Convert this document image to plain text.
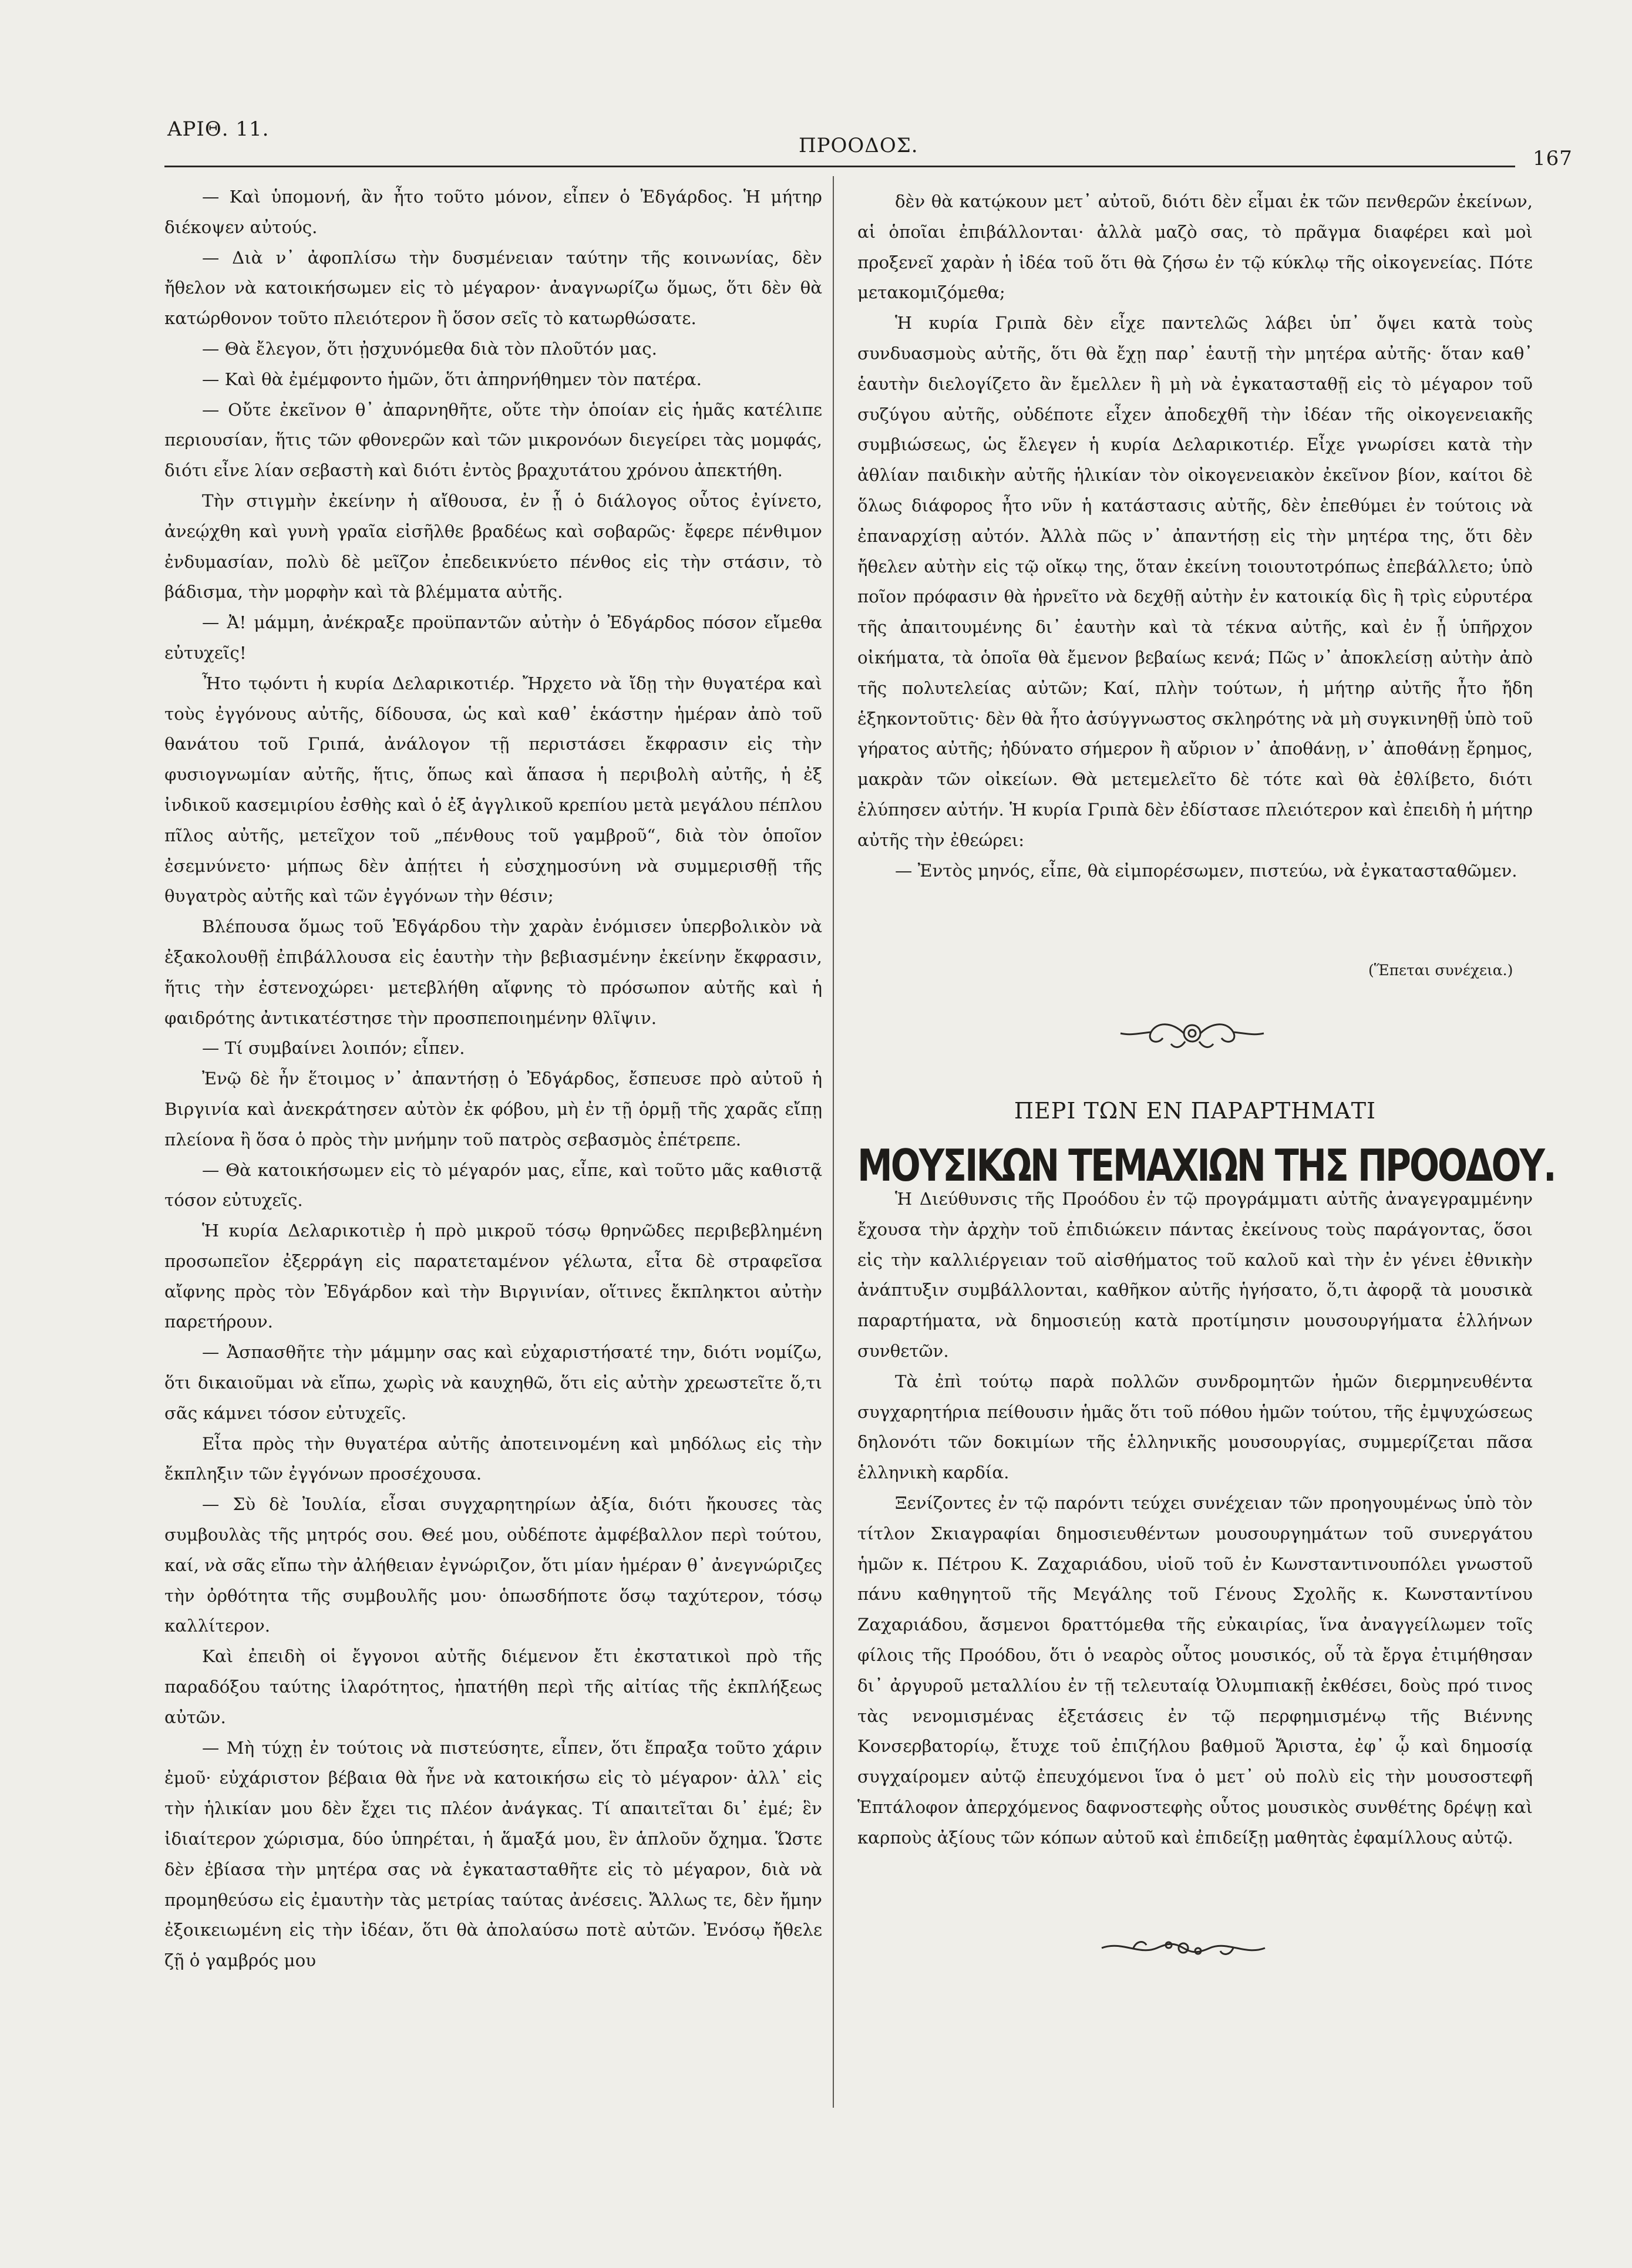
ΑΡΙΘ. 11.
ΠΡΟΟΔΟΣ.
167

— Καὶ ὑπομονή, ἂν ἦτο τοῦτο μόνον, εἶπεν ὁ Ἐδγάρδος. Ἡ μήτηρ διέκοψεν αὐτούς.

— Διὰ ν᾿ ἀφοπλίσω τὴν δυσμένειαν ταύτην τῆς κοινωνίας, δὲν ἤθελον νὰ κατοικήσωμεν εἰς τὸ μέγαρον· ἀναγνωρίζω ὅμως, ὅτι δὲν θὰ κατώρθονον τοῦτο πλειότερον ἢ ὅσον σεῖς τὸ κατωρθώσατε.

— Θὰ ἔλεγον, ὅτι ᾐσχυνόμεθα διὰ τὸν πλοῦτόν μας.

— Καὶ θὰ ἐμέμφοντο ἡμῶν, ὅτι ἀπηρνήθημεν τὸν πατέρα.

— Οὔτε ἐκεῖνον θ᾿ ἀπαρνηθῆτε, οὔτε τὴν ὁποίαν εἰς ἡμᾶς κατέλιπε περιουσίαν, ἥτις τῶν φθονερῶν καὶ τῶν μικρονόων διεγείρει τὰς μομφάς, διότι εἶνε λίαν σεβαστὴ καὶ διότι ἐντὸς βραχυτάτου χρόνου ἀπεκτήθη.

Τὴν στιγμὴν ἐκείνην ἡ αἴθουσα, ἐν ᾗ ὁ διάλογος οὗτος ἐγίνετο, ἀνεῴχθη καὶ γυνὴ γραῖα εἰσῆλθε βραδέως καὶ σοβαρῶς· ἔφερε πένθιμον ἐνδυμασίαν, πολὺ δὲ μεῖζον ἐπεδεικνύετο πένθος εἰς τὴν στάσιν, τὸ βάδισμα, τὴν μορφὴν καὶ τὰ βλέμματα αὐτῆς.

— Ἀ! μάμμη, ἀνέκραξε προϋπαντῶν αὐτὴν ὁ Ἐδγάρδος πόσον εἴμεθα εὐτυχεῖς!

Ἦτο τῳόντι ἡ κυρία Δελαρικοτιέρ. Ἤρχετο νὰ ἴδῃ τὴν θυγατέρα καὶ τοὺς ἐγγόνους αὐτῆς, δίδουσα, ὡς καὶ καθ᾿ ἑκάστην ἡμέραν ἀπὸ τοῦ θανάτου τοῦ Γριπά, ἀνάλογον τῇ περιστάσει ἔκφρασιν εἰς τὴν φυσιογνωμίαν αὐτῆς, ἥτις, ὅπως καὶ ἅπασα ἡ περιβολὴ αὐτῆς, ἡ ἐξ ἰνδικοῦ κασεμιρίου ἐσθὴς καὶ ὁ ἐξ ἀγγλικοῦ κρεπίου μετὰ μεγάλου πέπλου πῖλος αὐτῆς, μετεῖχον τοῦ „πένθους τοῦ γαμβροῦ“, διὰ τὸν ὁποῖον ἐσεμνύνετο· μήπως δὲν ἀπῄτει ἡ εὐσχημοσύνη νὰ συμμερισθῇ τῆς θυγατρὸς αὐτῆς καὶ τῶν ἐγγόνων τὴν θέσιν;

Βλέπουσα ὅμως τοῦ Ἐδγάρδου τὴν χαρὰν ἐνόμισεν ὑπερβολικὸν νὰ ἐξακολουθῇ ἐπιβάλλουσα εἰς ἑαυτὴν τὴν βεβιασμένην ἐκείνην ἔκφρασιν, ἥτις τὴν ἐστενοχώρει· μετεβλήθη αἴφνης τὸ πρόσωπον αὐτῆς καὶ ἡ φαιδρότης ἀντικατέστησε τὴν προσπεποιημένην θλῖψιν.

— Τί συμβαίνει λοιπόν; εἶπεν.

Ἐνῷ δὲ ἦν ἕτοιμος ν᾿ ἀπαντήσῃ ὁ Ἐδγάρδος, ἔσπευσε πρὸ αὐτοῦ ἡ Βιργινία καὶ ἀνεκράτησεν αὐτὸν ἐκ φόβου, μὴ ἐν τῇ ὁρμῇ τῆς χαρᾶς εἴπῃ πλείονα ἢ ὅσα ὁ πρὸς τὴν μνήμην τοῦ πατρὸς σεβασμὸς ἐπέτρεπε.

— Θὰ κατοικήσωμεν εἰς τὸ μέγαρόν μας, εἶπε, καὶ τοῦτο μᾶς καθιστᾷ τόσον εὐτυχεῖς.

Ἡ κυρία Δελαρικοτιὲρ ἡ πρὸ μικροῦ τόσῳ θρηνῶδες περιβεβλημένη προσωπεῖον ἐξερράγη εἰς παρατεταμένον γέλωτα, εἶτα δὲ στραφεῖσα αἴφνης πρὸς τὸν Ἐδγάρδον καὶ τὴν Βιργινίαν, οἵτινες ἔκπληκτοι αὐτὴν παρετήρουν.

— Ἀσπασθῆτε τὴν μάμμην σας καὶ εὐχαριστήσατέ την, διότι νομίζω, ὅτι δικαιοῦμαι νὰ εἴπω, χωρὶς νὰ καυχηθῶ, ὅτι εἰς αὐτὴν χρεωστεῖτε ὅ,τι σᾶς κάμνει τόσον εὐτυχεῖς.

Εἶτα πρὸς τὴν θυγατέρα αὐτῆς ἀποτεινομένη καὶ μηδόλως εἰς τὴν ἔκπληξιν τῶν ἐγγόνων προσέχουσα.

— Σὺ δὲ Ἰουλία, εἶσαι συγχαρητηρίων ἀξία, διότι ἤκουσες τὰς συμβουλὰς τῆς μητρός σου. Θεέ μου, οὐδέποτε ἀμφέβαλλον περὶ τούτου, καί, νὰ σᾶς εἴπω τὴν ἀλήθειαν ἐγνώριζον, ὅτι μίαν ἡμέραν θ᾿ ἀνεγνώριζες τὴν ὀρθότητα τῆς συμβουλῆς μου· ὁπωσδήποτε ὅσῳ ταχύτερον, τόσῳ καλλίτερον.

Καὶ ἐπειδὴ οἱ ἔγγονοι αὐτῆς διέμενον ἔτι ἐκστατικοὶ πρὸ τῆς παραδόξου ταύτης ἱλαρότητος, ἠπατήθη περὶ τῆς αἰτίας τῆς ἐκπλήξεως αὐτῶν.

— Μὴ τύχῃ ἐν τούτοις νὰ πιστεύσητε, εἶπεν, ὅτι ἔπραξα τοῦτο χάριν ἐμοῦ· εὐχάριστον βέβαια θὰ ἦνε νὰ κατοικήσω εἰς τὸ μέγαρον· ἀλλ᾿ εἰς τὴν ἡλικίαν μου δὲν ἔχει τις πλέον ἀνάγκας. Τί απαιτεῖται δι᾿ ἐμέ; ἓν ἰδιαίτερον χώρισμα, δύο ὑπηρέται, ἡ ἅμαξά μου, ἓν ἁπλοῦν ὄχημα. Ὥστε δὲν ἐβίασα τὴν μητέρα σας νὰ ἐγκατασταθῆτε εἰς τὸ μέγαρον, διὰ νὰ προμηθεύσω εἰς ἐμαυτὴν τὰς μετρίας ταύτας ἀνέσεις. Ἄλλως τε, δὲν ἤμην ἐξοικειωμένη εἰς τὴν ἰδέαν, ὅτι θὰ ἀπολαύσω ποτὲ αὐτῶν. Ἐνόσῳ ἤθελε ζῇ ὁ γαμβρός μου

δὲν θὰ κατῴκουν μετ᾿ αὐτοῦ, διότι δὲν εἶμαι ἐκ τῶν πενθερῶν ἐκείνων, αἱ ὁποῖαι ἐπιβάλλονται· ἀλλὰ μαζὸ σας, τὸ πρᾶγμα διαφέρει καὶ μοὶ προξενεῖ χαρὰν ἡ ἰδέα τοῦ ὅτι θὰ ζήσω ἐν τῷ κύκλῳ τῆς οἰκογενείας. Πότε μετακομιζόμεθα;

Ἡ κυρία Γριπὰ δὲν εἶχε παντελῶς λάβει ὑπ᾿ ὄψει κατὰ τοὺς συνδυασμοὺς αὐτῆς, ὅτι θὰ ἔχῃ παρ᾿ ἑαυτῇ τὴν μητέρα αὐτῆς· ὅταν καθ᾿ ἑαυτὴν διελογίζετο ἂν ἔμελλεν ἢ μὴ νὰ ἐγκατασταθῇ εἰς τὸ μέγαρον τοῦ συζύγου αὐτῆς, οὐδέποτε εἶχεν ἀποδεχθῆ τὴν ἰδέαν τῆς οἰκογενειακῆς συμβιώσεως, ὡς ἔλεγεν ἡ κυρία Δελαρικοτιέρ. Εἶχε γνωρίσει κατὰ τὴν ἀθλίαν παιδικὴν αὐτῆς ἡλικίαν τὸν οἰκογενειακὸν ἐκεῖνον βίον, καίτοι δὲ ὅλως διάφορος ἦτο νῦν ἡ κατάστασις αὐτῆς, δὲν ἐπεθύμει ἐν τούτοις νὰ ἐπαναρχίσῃ αὐτόν. Ἀλλὰ πῶς ν᾿ ἀπαντήσῃ εἰς τὴν μητέρα της, ὅτι δὲν ἤθελεν αὐτὴν εἰς τῷ οἴκῳ της, ὅταν ἐκείνη τοιουτοτρόπως ἐπεβάλλετο; ὑπὸ ποῖον πρόφασιν θὰ ἠρνεῖτο νὰ δεχθῇ αὐτὴν ἐν κατοικίᾳ δὶς ἢ τρὶς εὐρυτέρα τῆς ἀπαιτουμένης δι᾿ ἑαυτὴν καὶ τὰ τέκνα αὐτῆς, καὶ ἐν ᾗ ὑπῆρχον οἰκήματα, τὰ ὁποῖα θὰ ἔμενον βεβαίως κενά; Πῶς ν᾿ ἀποκλείσῃ αὐτὴν ἀπὸ τῆς πολυτελείας αὐτῶν; Καί, πλὴν τούτων, ἡ μήτηρ αὐτῆς ἦτο ἤδη ἑξηκοντοῦτις· δὲν θὰ ἦτο ἀσύγγνωστος σκληρότης νὰ μὴ συγκινηθῇ ὑπὸ τοῦ γήρατος αὐτῆς; ἠδύνατο σήμερον ἢ αὔριον ν᾿ ἀποθάνῃ, ν᾿ ἀποθάνῃ ἔρημος, μακρὰν τῶν οἰκείων. Θὰ μετεμελεῖτο δὲ τότε καὶ θὰ ἐθλίβετο, διότι ἐλύπησεν αὐτήν. Ἡ κυρία Γριπὰ δὲν ἐδίστασε πλειότερον καὶ ἐπειδὴ ἡ μήτηρ αὐτῆς τὴν ἐθεώρει:

— Ἐντὸς μηνός, εἶπε, θὰ εἰμπορέσωμεν, πιστεύω, νὰ ἐγκατασταθῶμεν.

(Ἕπεται συνέχεια.)
ΠΕΡΙ ΤΩΝ ΕΝ ΠΑΡΑΡΤΗΜΑΤΙ
ΜΟΥΣΙΚΩΝ ΤΕΜΑΧΙΩΝ ΤΗΣ ΠΡΟΟΔΟΥ.

Ἡ Διεύθυνσις τῆς Προόδου ἐν τῷ προγράμματι αὐτῆς ἀναγεγραμμένην ἔχουσα τὴν ἀρχὴν τοῦ ἐπιδιώκειν πάντας ἐκείνους τοὺς παράγοντας, ὅσοι εἰς τὴν καλλιέργειαν τοῦ αἰσθήματος τοῦ καλοῦ καὶ τὴν ἐν γένει ἐθνικὴν ἀνάπτυξιν συμβάλλονται, καθῆκον αὐτῆς ἡγήσατο, ὅ,τι ἀφορᾷ τὰ μουσικὰ παραρτήματα, νὰ δημοσιεύῃ κατὰ προτίμησιν μουσουργήματα ἑλλήνων συνθετῶν.

Τὰ ἐπὶ τούτῳ παρὰ πολλῶν συνδρομητῶν ἡμῶν διερμηνευθέντα συγχαρητήρια πείθουσιν ἡμᾶς ὅτι τοῦ πόθου ἡμῶν τούτου, τῆς ἐμψυχώσεως δηλονότι τῶν δοκιμίων τῆς ἑλληνικῆς μουσουργίας, συμμερίζεται πᾶσα ἑλληνικὴ καρδία.

Ξενίζοντες ἐν τῷ παρόντι τεύχει συνέχειαν τῶν προηγουμένως ὑπὸ τὸν τίτλον Σκιαγραφίαι δημοσιευθέντων μουσουργημάτων τοῦ συνεργάτου ἡμῶν κ. Πέτρου Κ. Ζαχαριάδου, υἱοῦ τοῦ ἐν Κωνσταντινουπόλει γνωστοῦ πάνυ καθηγητοῦ τῆς Μεγάλης τοῦ Γένους Σχολῆς κ. Κωνσταντίνου Ζαχαριάδου, ἄσμενοι δραττόμεθα τῆς εὐκαιρίας, ἵνα ἀναγγείλωμεν τοῖς φίλοις τῆς Προόδου, ὅτι ὁ νεαρὸς οὗτος μουσικός, οὗ τὰ ἔργα ἐτιμήθησαν δι᾿ ἀργυροῦ μεταλλίου ἐν τῇ τελευταίᾳ Ὀλυμπιακῇ ἐκθέσει, δοὺς πρό τινος τὰς νενομισμένας ἐξετάσεις ἐν τῷ περφημισμένῳ τῆς Βιέννης Κονσερβατορίῳ, ἔτυχε τοῦ ἐπιζήλου βαθμοῦ Ἄριστα, ἐφ᾿ ᾧ καὶ δημοσίᾳ συγχαίρομεν αὐτῷ ἐπευχόμενοι ἵνα ὁ μετ᾿ οὐ πολὺ εἰς τὴν μουσοστεφῆ Ἑπτάλοφον ἀπερχόμενος δαφνοστεφὴς οὗτος μουσικὸς συνθέτης δρέψῃ καὶ καρποὺς ἀξίους τῶν κόπων αὐτοῦ καὶ ἐπιδείξῃ μαθητὰς ἐφαμίλλους αὐτῷ.
